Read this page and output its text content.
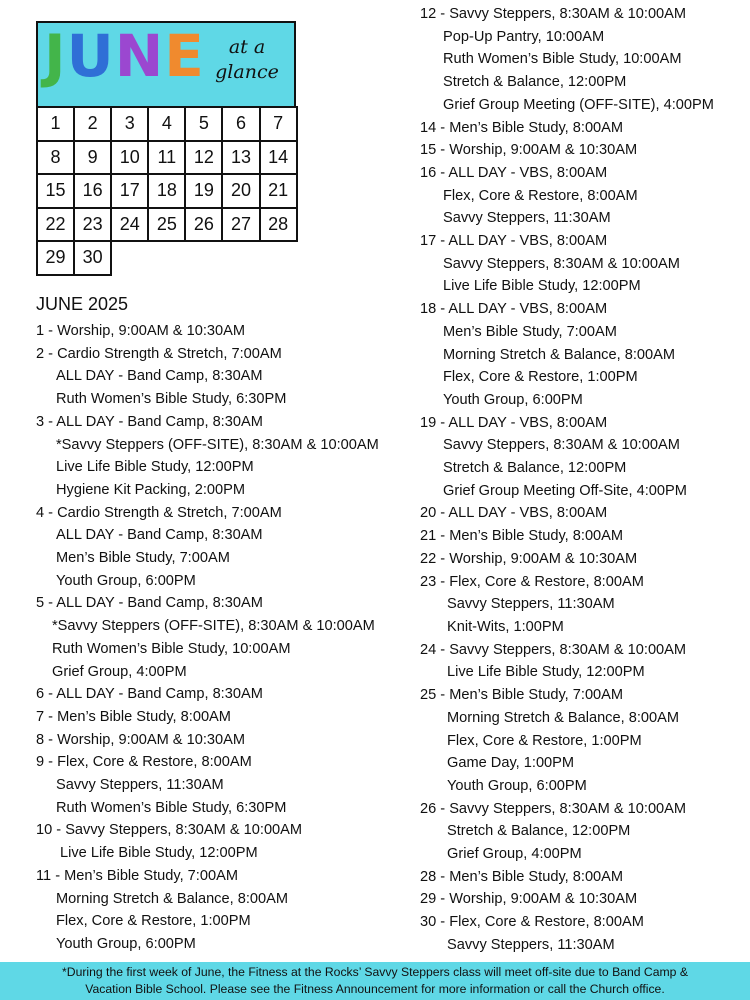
JUNE	at a
glance
1	2	3	4	5	6	7
8	9	10 11 12 13 14
15 16 17 18 19 20 21
22 23 24 25 26 27 28
29 30
JUNE 2025
1 - Worship, 9:00AM & 10:30AM
2 - Cardio Strength & Stretch, 7:00AM
ALL DAY - Band Camp, 8:30AM
Ruth Women’s Bible Study, 6:30PM
3 - ALL DAY - Band Camp, 8:30AM
*Savvy Steppers (OFF-SITE), 8:30AM & 10:00AM
Live Life Bible Study, 12:00PM
Hygiene Kit Packing, 2:00PM
4 - Cardio Strength & Stretch, 7:00AM
ALL DAY - Band Camp, 8:30AM
Men’s Bible Study, 7:00AM
Youth Group, 6:00PM
5 - ALL DAY - Band Camp, 8:30AM
*Savvy Steppers (OFF-SITE), 8:30AM & 10:00AM
Ruth Women’s Bible Study, 10:00AM
Grief Group, 4:00PM
6 - ALL DAY - Band Camp, 8:30AM
7 - Men’s Bible Study, 8:00AM
8 - Worship, 9:00AM & 10:30AM
9 - Flex, Core & Restore, 8:00AM
Savvy Steppers, 11:30AM
Ruth Women’s Bible Study, 6:30PM
10 - Savvy Steppers, 8:30AM & 10:00AM
Live Life Bible Study, 12:00PM
11 - Men’s Bible Study, 7:00AM
Morning Stretch & Balance, 8:00AM
Flex, Core & Restore, 1:00PM
Youth Group, 6:00PM
12 - Savvy Steppers, 8:30AM & 10:00AM
Pop-Up Pantry, 10:00AM
Ruth Women’s Bible Study, 10:00AM
Stretch & Balance, 12:00PM
Grief Group Meeting (OFF-SITE), 4:00PM
14 - Men’s Bible Study, 8:00AM
15 - Worship, 9:00AM & 10:30AM
16 - ALL DAY - VBS, 8:00AM
Flex, Core & Restore, 8:00AM
Savvy Steppers, 11:30AM
17 - ALL DAY - VBS, 8:00AM
Savvy Steppers, 8:30AM & 10:00AM
Live Life Bible Study, 12:00PM
18 - ALL DAY - VBS, 8:00AM
Men’s Bible Study, 7:00AM
Morning Stretch & Balance, 8:00AM
Flex, Core & Restore, 1:00PM
Youth Group, 6:00PM
19 - ALL DAY - VBS, 8:00AM
Savvy Steppers, 8:30AM & 10:00AM
Stretch & Balance, 12:00PM
Grief Group Meeting Off-Site, 4:00PM
20 - ALL DAY - VBS, 8:00AM
21 - Men’s Bible Study, 8:00AM
22 - Worship, 9:00AM & 10:30AM
23 - Flex, Core & Restore, 8:00AM
Savvy Steppers, 11:30AM
Knit-Wits, 1:00PM
24 - Savvy Steppers, 8:30AM & 10:00AM
Live Life Bible Study, 12:00PM
25 - Men’s Bible Study, 7:00AM
Morning Stretch & Balance, 8:00AM
Flex, Core & Restore, 1:00PM
Game Day, 1:00PM
Youth Group, 6:00PM
26 - Savvy Steppers, 8:30AM & 10:00AM
Stretch & Balance, 12:00PM
Grief Group, 4:00PM
28 - Men’s Bible Study, 8:00AM
29 - Worship, 9:00AM & 10:30AM
30 - Flex, Core & Restore, 8:00AM
Savvy Steppers, 11:30AM
*During the first week of June, the Fitness at the Rocks’ Savvy Steppers class will meet off-site due to Band Camp &
Vacation Bible School. Please see the Fitness Announcement for more information or call the Church office.
